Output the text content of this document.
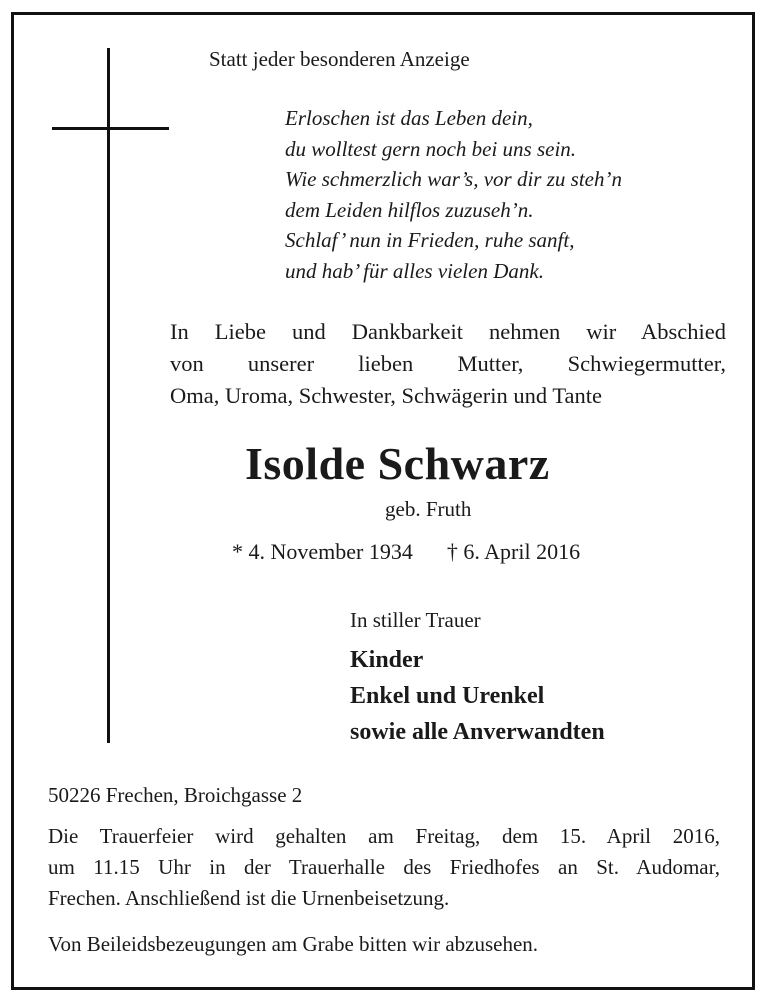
Statt jeder besonderen Anzeige
Erloschen ist das Leben dein,
du wolltest gern noch bei uns sein.
Wie schmerzlich war’s, vor dir zu steh’n
dem Leiden hilflos zuzuseh’n.
Schlaf’ nun in Frieden, ruhe sanft,
und hab’ für alles vielen Dank.
In Liebe und Dankbarkeit nehmen wir Abschied
von unserer lieben Mutter, Schwiegermutter,
Oma, Uroma, Schwester, Schwägerin und Tante
Isolde Schwarz
geb. Fruth
* 4. November 1934 † 6. April 2016
In stiller Trauer
Kinder
Enkel und Urenkel
sowie alle Anverwandten
50226 Frechen, Broichgasse 2
Die Trauerfeier wird gehalten am Freitag, dem 15. April 2016,
um 11.15 Uhr in der Trauerhalle des Friedhofes an St. Audomar,
Frechen. Anschließend ist die Urnenbeisetzung.
Von Beileidsbezeugungen am Grabe bitten wir abzusehen.
